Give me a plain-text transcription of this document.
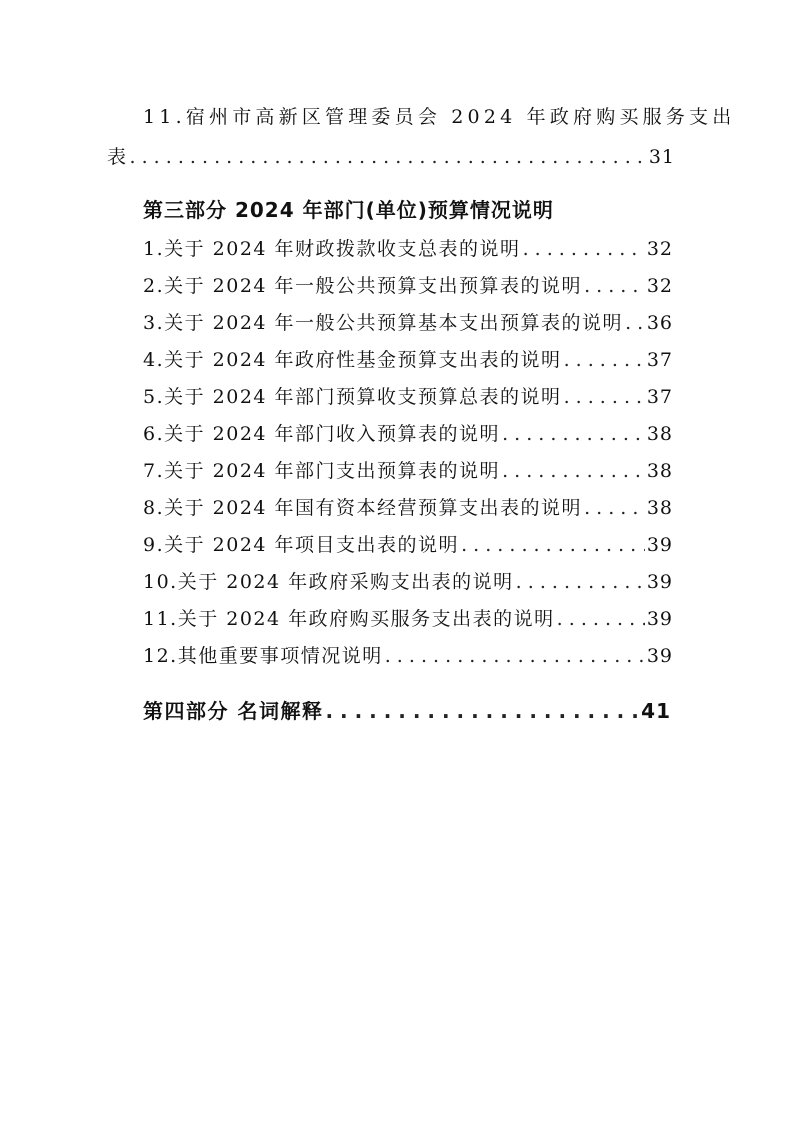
11.宿州市高新区管理委员会 2024 年政府购买服务支出
表 . . .	31
第三部分 2024 年部门(单位)预算情况说明
1.关于 2024 年财政拨款收支总表的说明 . . .	32
2.关于 2024 年一般公共预算支出预算表的说明 . . .	32
3.关于 2024 年一般公共预算基本支出预算表的说明 . . . 36
4.关于 2024 年政府性基金预算支出表的说明 . . .	37
5.关于 2024 年部门预算收支预算总表的说明 . . .	37
6.关于 2024 年部门收入预算表的说明 . . .	38
7.关于 2024 年部门支出预算表的说明 . . .	38
8.关于 2024 年国有资本经营预算支出表的说明 . . .	38
9.关于 2024 年项目支出表的说明 . . .	39
10.关于 2024 年政府采购支出表的说明 . . .	39
11.关于 2024 年政府购买服务支出表的说明 . . .	39
12.其他重要事项情况说明 . . .	39
第四部分 名词解释 . . .	41
